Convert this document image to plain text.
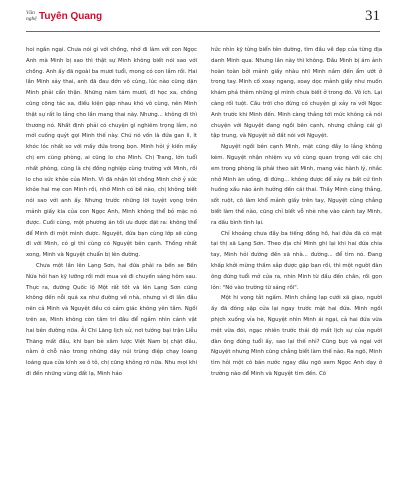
Văn
nghệ Tuyên Quang	31

hoi ngần ngại. Chưa nói gì với chồng, nhớ đi làm với con Ngọc Anh mà Minh bị sao thì thật sự Minh không biết nói sao với chồng. Anh ấy đã ngoài ba mươi tuổi, mong có con lắm rồi. Hai lần Minh sảy thai, anh đã đau đớn vô cùng, lúc nào cũng dặn Minh phải cẩn thận. Những năm tám mươi, đi học xa, chồng cũng công tác xa, điều kiện gặp nhau khó vô cùng, nên Minh thật sự rất lo lắng cho lần mang thai này. Nhưng... không đi thì thương nó. Nhất định phải có chuyện gì nghiêm trọng lắm, nó mới cuống quýt gọi Minh thế này. Chú nó vốn là đứa gan lì, ít khóc lóc nhất so với mấy đứa trong bọn. Minh hỏi ý kiến mấy chị em cùng phòng, ai cũng lo cho Minh. Chị Trang, lớn tuổi nhất phòng, cũng là chị đồng nghiệp cùng trường với Minh, rồi lo cho sức khỏe của Minh. Vì đã nhận lời chồng Minh chờ ý sức khỏe hai mẹ con Minh rồi, nhờ Minh có bề nào, chị không biết nói sao với anh ấy. Nhưng trước những lời tuyệt vọng trên mảnh giấy kia của con Ngọc Anh, Minh không thể bỏ mặc nó được. Cuối cùng, một phương án tối ưu được đặt ra: không thể để Minh đi một mình được. Nguyệt, đứa bạn cùng lớp sẽ cùng đi với Minh, có gì thì cùng có Nguyệt bên cạnh. Thống nhất xong, Minh và Nguyệt chuẩn bị lên đường.

Chưa một lần lên Lạng Sơn, hai đứa phải ra bến xe Bến Nứa hỏi han kỹ lưỡng rồi mới mua vé đi chuyến sáng hôm sau. Thực ra, đường Quốc lộ Một rất tốt và lên Lạng Sơn cũng không đến nỗi quá xa như đường về nhà, nhưng vì đi lần đầu nên cả Minh và Nguyệt đều có cảm giác không yên tâm. Ngồi trên xe, Minh không còn tâm trí đâu để ngắm nhìn cảnh vật hai bên đường nữa. Ải Chi Lăng lịch sử, nơi tướng bại trận Liễu Thăng mất đầu, khi bạn bè xâm lược Việt Nam bị chặt đầu, nằm ở chỗ nào trong những dãy núi trùng điệp chạy loang loáng qua cửa kính xe ô tô, chị cũng không rõ nữa. Nhu mọi khi đi đến những vùng đất lạ, Minh háo

hức nhìn kỹ từng biển tên đường, tìm đầu về đẹp của từng địa danh Minh qua. Nhưng lần này thì không. Đầu Minh bị ám ảnh hoàn toàn bởi mảnh giấy nhàu nhĩ Minh nắm đến ẩm ướt ở trong tay. Minh cố xoay ngang, xoay dọc mảnh giấy như muốn khám phá thêm những gì mình chưa biết ở trong đó. Vô ích. Lại càng rối tuột. Cầu trời cho đừng có chuyện gì xảy ra với Ngọc Anh trước khi Minh đến. Minh càng thắng tới mức không cả nói chuyện với Nguyệt đang ngồi bên cạnh, nhưng chẳng cái gì tập trung, và Nguyệt sở đất nói với Nguyệt.

Nguyệt ngồi bên cạnh Minh, mặt cũng đầy lo lắng không kém. Nguyệt nhận nhiệm vụ vô cùng quan trọng với các chị em trong phòng là phải theo sát Minh, mang vác hành lý, nhắc nhở Minh ăn uống, đi đứng... không được để xảy ra bất cứ tình huống xấu nào ảnh hưởng đến cái thai. Thấy Minh cùng thẳng, sốt ruột, cô làm khổ mảnh giấy trên tay, Nguyệt cũng chẳng biết làm thế nào, cũng chỉ biết vỗ nhè nhẹ vào cánh tay Minh, ra dấu bình tĩnh lại.

Chỉ khoảng chưa đầy ba tiếng đồng hồ, hai đứa đã có mặt tại thị xã Lạng Sơn. Theo địa chỉ Minh ghi lại khi hai đứa chia tay, Minh hỏi đường đến xã nhà... đường... để tìm nó. Đang khấp khởi mừng thầm sắp được gặp bạn rồi, thì một người đàn ông đứng tuổi mở cửa ra, nhìn Minh từ đầu đến chân, rồi gọn lỏn: "Nó vào trường từ sáng rồi".

Một hi vọng tắt ngấm. Minh chẳng lạp cưới xã giao, người ấy đã đóng sập cửa lại ngay trước mặt hai đứa. Minh ngồi phịch xuống vỉa hè, Nguyệt nhìn Minh ái ngại, cả hai đứa vừa mệt vừa đói, ngạc nhiên trước thái độ mất lịch sự của người đàn ông đứng tuổi ấy, sao lại thế nhỉ? Cũng bực và ngại với Nguyệt nhưng Minh cũng chẳng biết làm thế nào. Ra ngõ, Minh tìm hỏi một cô bán nước ngay đầu ngõ xem Ngọc Anh dạy ở trường nào để Minh và Nguyệt tìm đến. Cô
